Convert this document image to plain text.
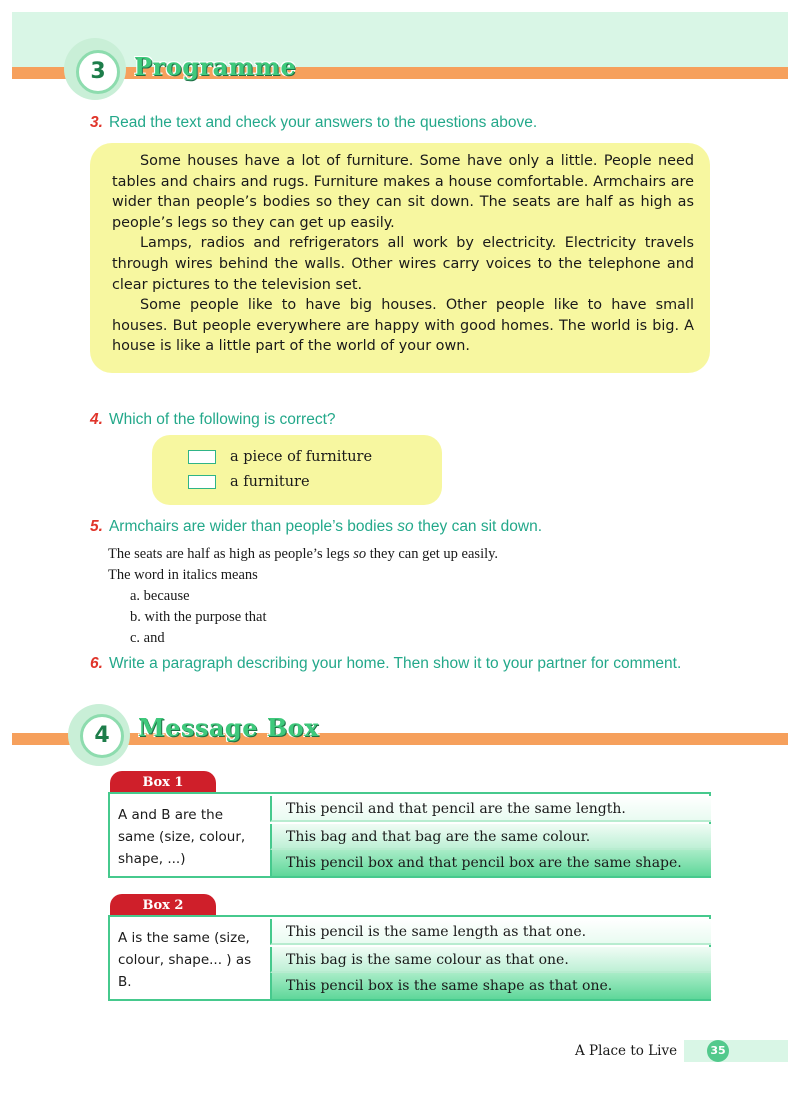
3	Programme
3. Read the text and check your answers to the questions above.

Some houses have a lot of furniture. Some have only a little. People need tables and chairs and rugs. Furniture makes a house comfortable. Armchairs are wider than people’s bodies so they can sit down. The seats are half as high as people’s legs so they can get up easily.

Lamps, radios and refrigerators all work by electricity. Electricity travels through wires behind the walls. Other wires carry voices to the telephone and clear pictures to the television set.

Some people like to have big houses. Other people like to have small houses. But people everywhere are happy with good homes. The world is big. A house is like a little part of the world of your own.

4. Which of the following is correct?
a piece of furniture
a furniture
5. Armchairs are wider than people’s bodies so they can sit down.
The seats are half as high as people’s legs so they can get up easily.
The word in italics means
a. because
b. with the purpose that
c. and
6. Write a paragraph describing your home. Then show it to your partner for comment.
4	Message Box
Box 1
A and B are the
same (size, colour,
shape, ...)
This pencil and that pencil are the same length.
This bag and that bag are the same colour.
This pencil box and that pencil box are the same shape.
Box 2
A is the same (size,
colour, shape... ) as
B.
This pencil is the same length as that one.
This bag is the same colour as that one.
This pencil box is the same shape as that one.
A Place to Live	35
